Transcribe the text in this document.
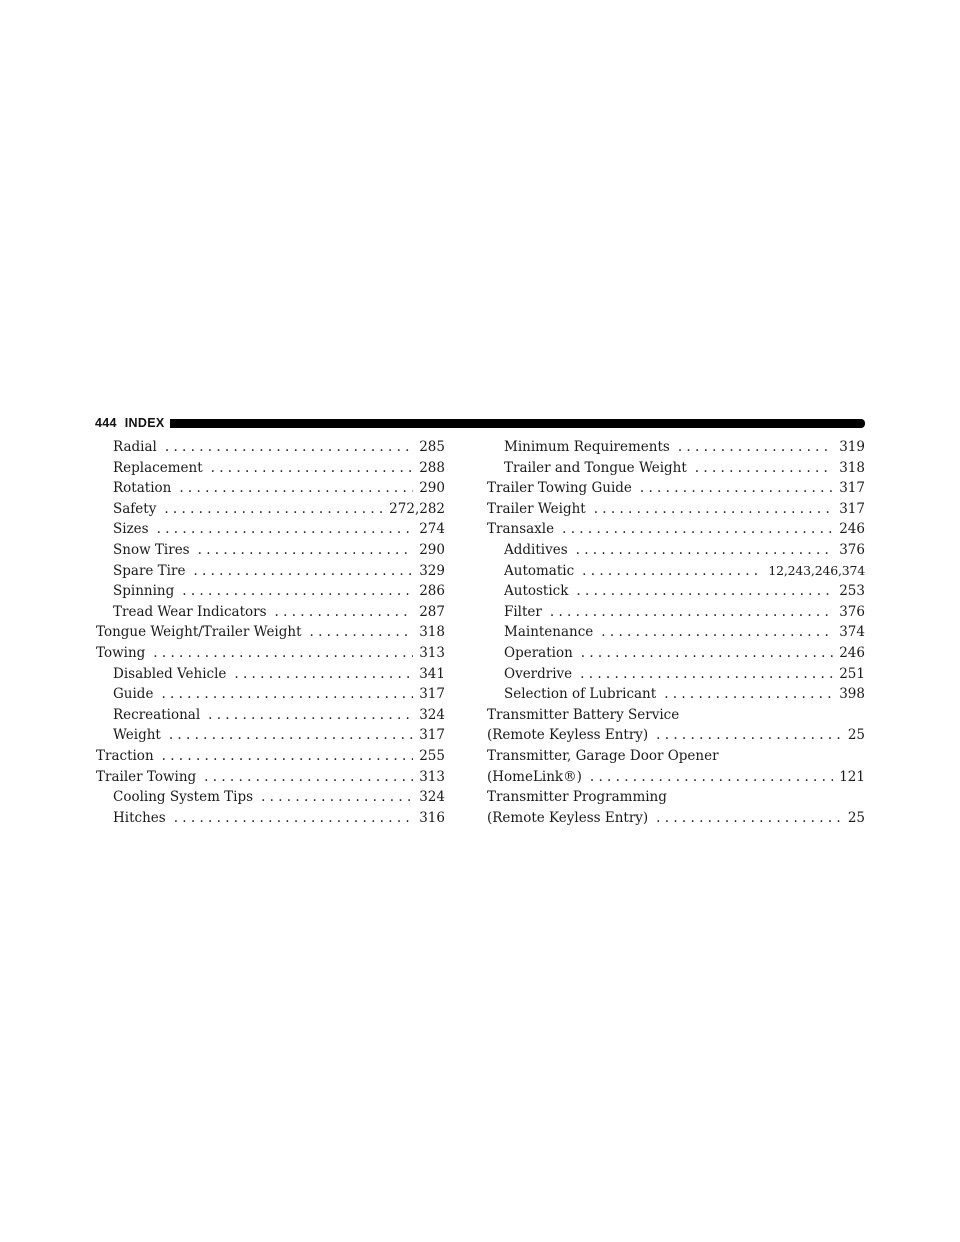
444 INDEX
Radial . . .	285
Replacement . . .	288
Rotation . . .	290
Safety . . .	272,282
Sizes . . .	274
Snow Tires . . .	290
Spare Tire . . .	329
Spinning . . .	286
Tread Wear Indicators . . .	287
Tongue Weight/Trailer Weight . . .	318
Towing . . .	313
Disabled Vehicle . . .	341
Guide . . .	317
Recreational . . .	324
Weight . . .	317
Traction . . .	255
Trailer Towing . . .	313
Cooling System Tips . . .	324
Hitches . . .	316
Minimum Requirements . . .	319
Trailer and Tongue Weight . . .	318
Trailer Towing Guide . . .	317
Trailer Weight . . .	317
Transaxle . . .	246
Additives . . .	376
Automatic . . .	12,243,246,374
Autostick . . .	253
Filter . . .	376
Maintenance . . .	374
Operation . . .	246
Overdrive . . .	251
Selection of Lubricant . . .	398
Transmitter Battery Service
(Remote Keyless Entry) . . .	25
Transmitter, Garage Door Opener
(HomeLink®) . . .	121
Transmitter Programming
(Remote Keyless Entry) . . .	25
